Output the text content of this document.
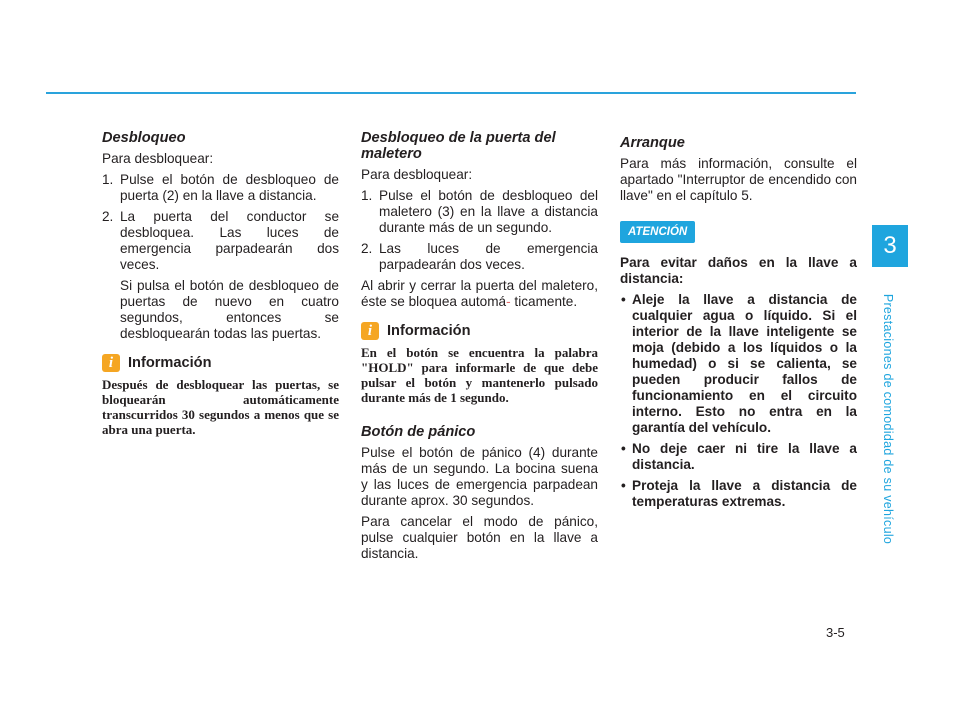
3
Prestaciones de comodidad de su vehículo
3-5
Desbloqueo

Para desbloquear:

1. Pulse el botón de desbloqueo de puerta (2) en la llave a distancia.
2. La puerta del conductor se desbloquea. Las luces de emergencia parpadearán dos veces.
Si pulsa el botón de desbloqueo de puertas de nuevo en cuatro segundos, entonces se desbloquearán todas las puertas.
i	Información

Después de desbloquear las puertas, se bloquearán automáticamente transcurridos 30 segundos a menos que se abra una puerta.

Desbloqueo de la puerta del maletero

Para desbloquear:

1. Pulse el botón de desbloqueo del maletero (3) en la llave a distancia durante más de un segundo.
2. Las luces de emergencia parpadearán dos veces.

Al abrir y cerrar la puerta del maletero, éste se bloquea automá- ticamente.

i	Información

En el botón se encuentra la palabra "HOLD" para informarle de que debe pulsar el botón y mantenerlo pulsado durante más de 1 segundo.

Botón de pánico

Pulse el botón de pánico (4) durante más de un segundo. La bocina suena y las luces de emergencia parpadean durante aprox. 30 segundos.

Para cancelar el modo de pánico, pulse cualquier botón en la llave a distancia.

Arranque

Para más información, consulte el apartado "Interruptor de encendido con llave" en el capítulo 5.

ATENCIÓN

Para evitar daños en la llave a distancia:

• Aleje la llave a distancia de cualquier agua o líquido. Si el interior de la llave inteligente se moja (debido a los líquidos o la humedad) o si se calienta, se pueden producir fallos de funcionamiento en el circuito interno. Esto no entra en la garantía del vehículo.
• No deje caer ni tire la llave a distancia.
• Proteja la llave a distancia de temperaturas extremas.
